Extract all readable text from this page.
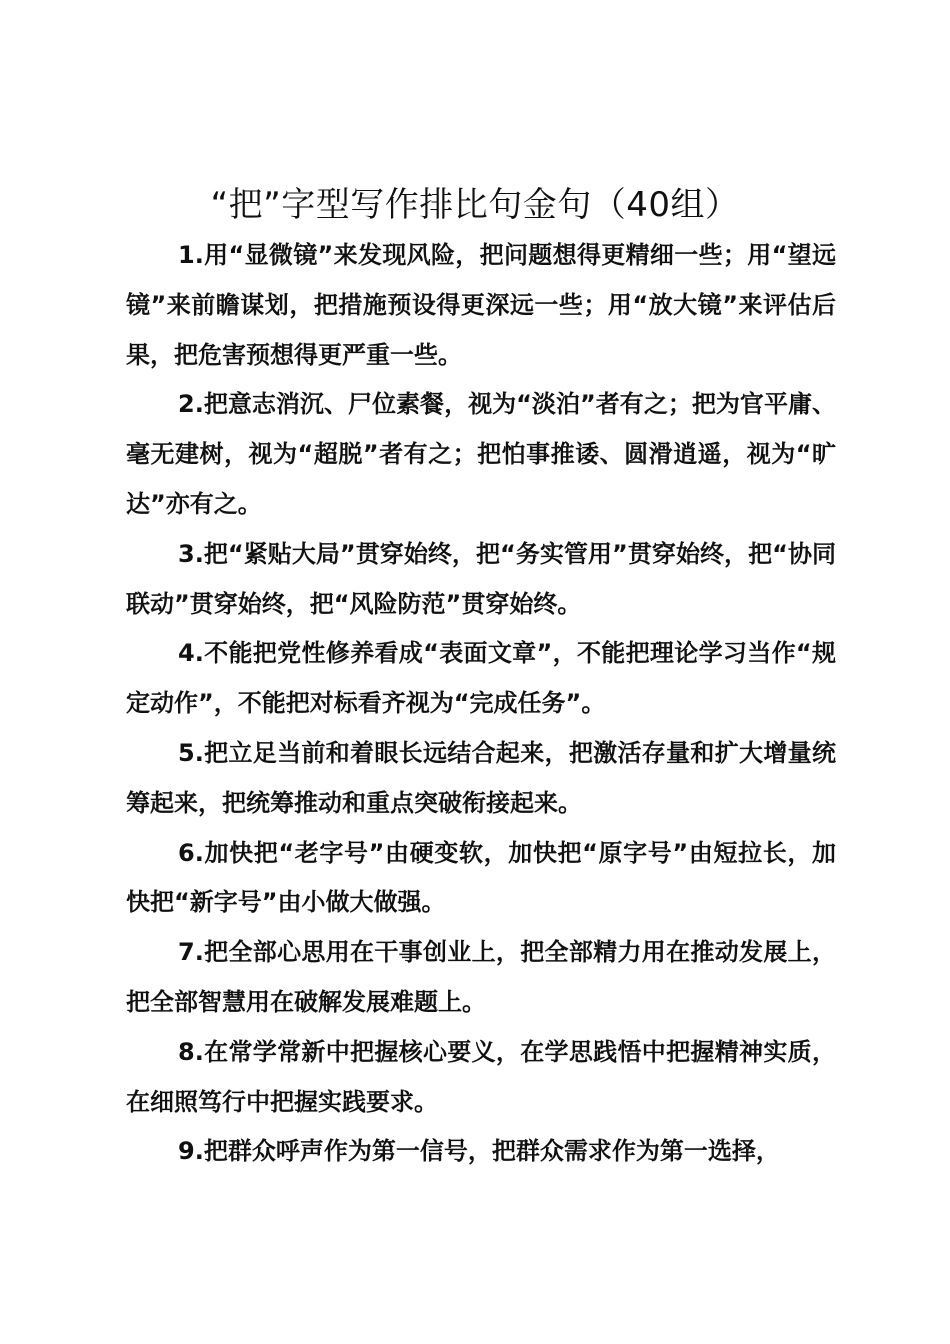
“把”字型写作排比句金句（40组）

1.用“显微镜”来发现风险，把问题想得更精细一些；用“望远镜”来前瞻谋划，把措施预设得更深远一些；用“放大镜”来评估后果，把危害预想得更严重一些。

2.把意志消沉、尸位素餐，视为“淡泊”者有之；把为官平庸、毫无建树，视为“超脱”者有之；把怕事推诿、圆滑逍遥，视为“旷达”亦有之。

3.把“紧贴大局”贯穿始终，把“务实管用”贯穿始终，把“协同联动”贯穿始终，把“风险防范”贯穿始终。

4.不能把党性修养看成“表面文章”，不能把理论学习当作“规定动作”，不能把对标看齐视为“完成任务”。

5.把立足当前和着眼长远结合起来，把激活存量和扩大增量统筹起来，把统筹推动和重点突破衔接起来。

6.加快把“老字号”由硬变软，加快把“原字号”由短拉长，加快把“新字号”由小做大做强。

7.把全部心思用在干事创业上，把全部精力用在推动发展上，把全部智慧用在破解发展难题上。

8.在常学常新中把握核心要义，在学思践悟中把握精神实质，在细照笃行中把握实践要求。

9.把群众呼声作为第一信号，把群众需求作为第一选择，
